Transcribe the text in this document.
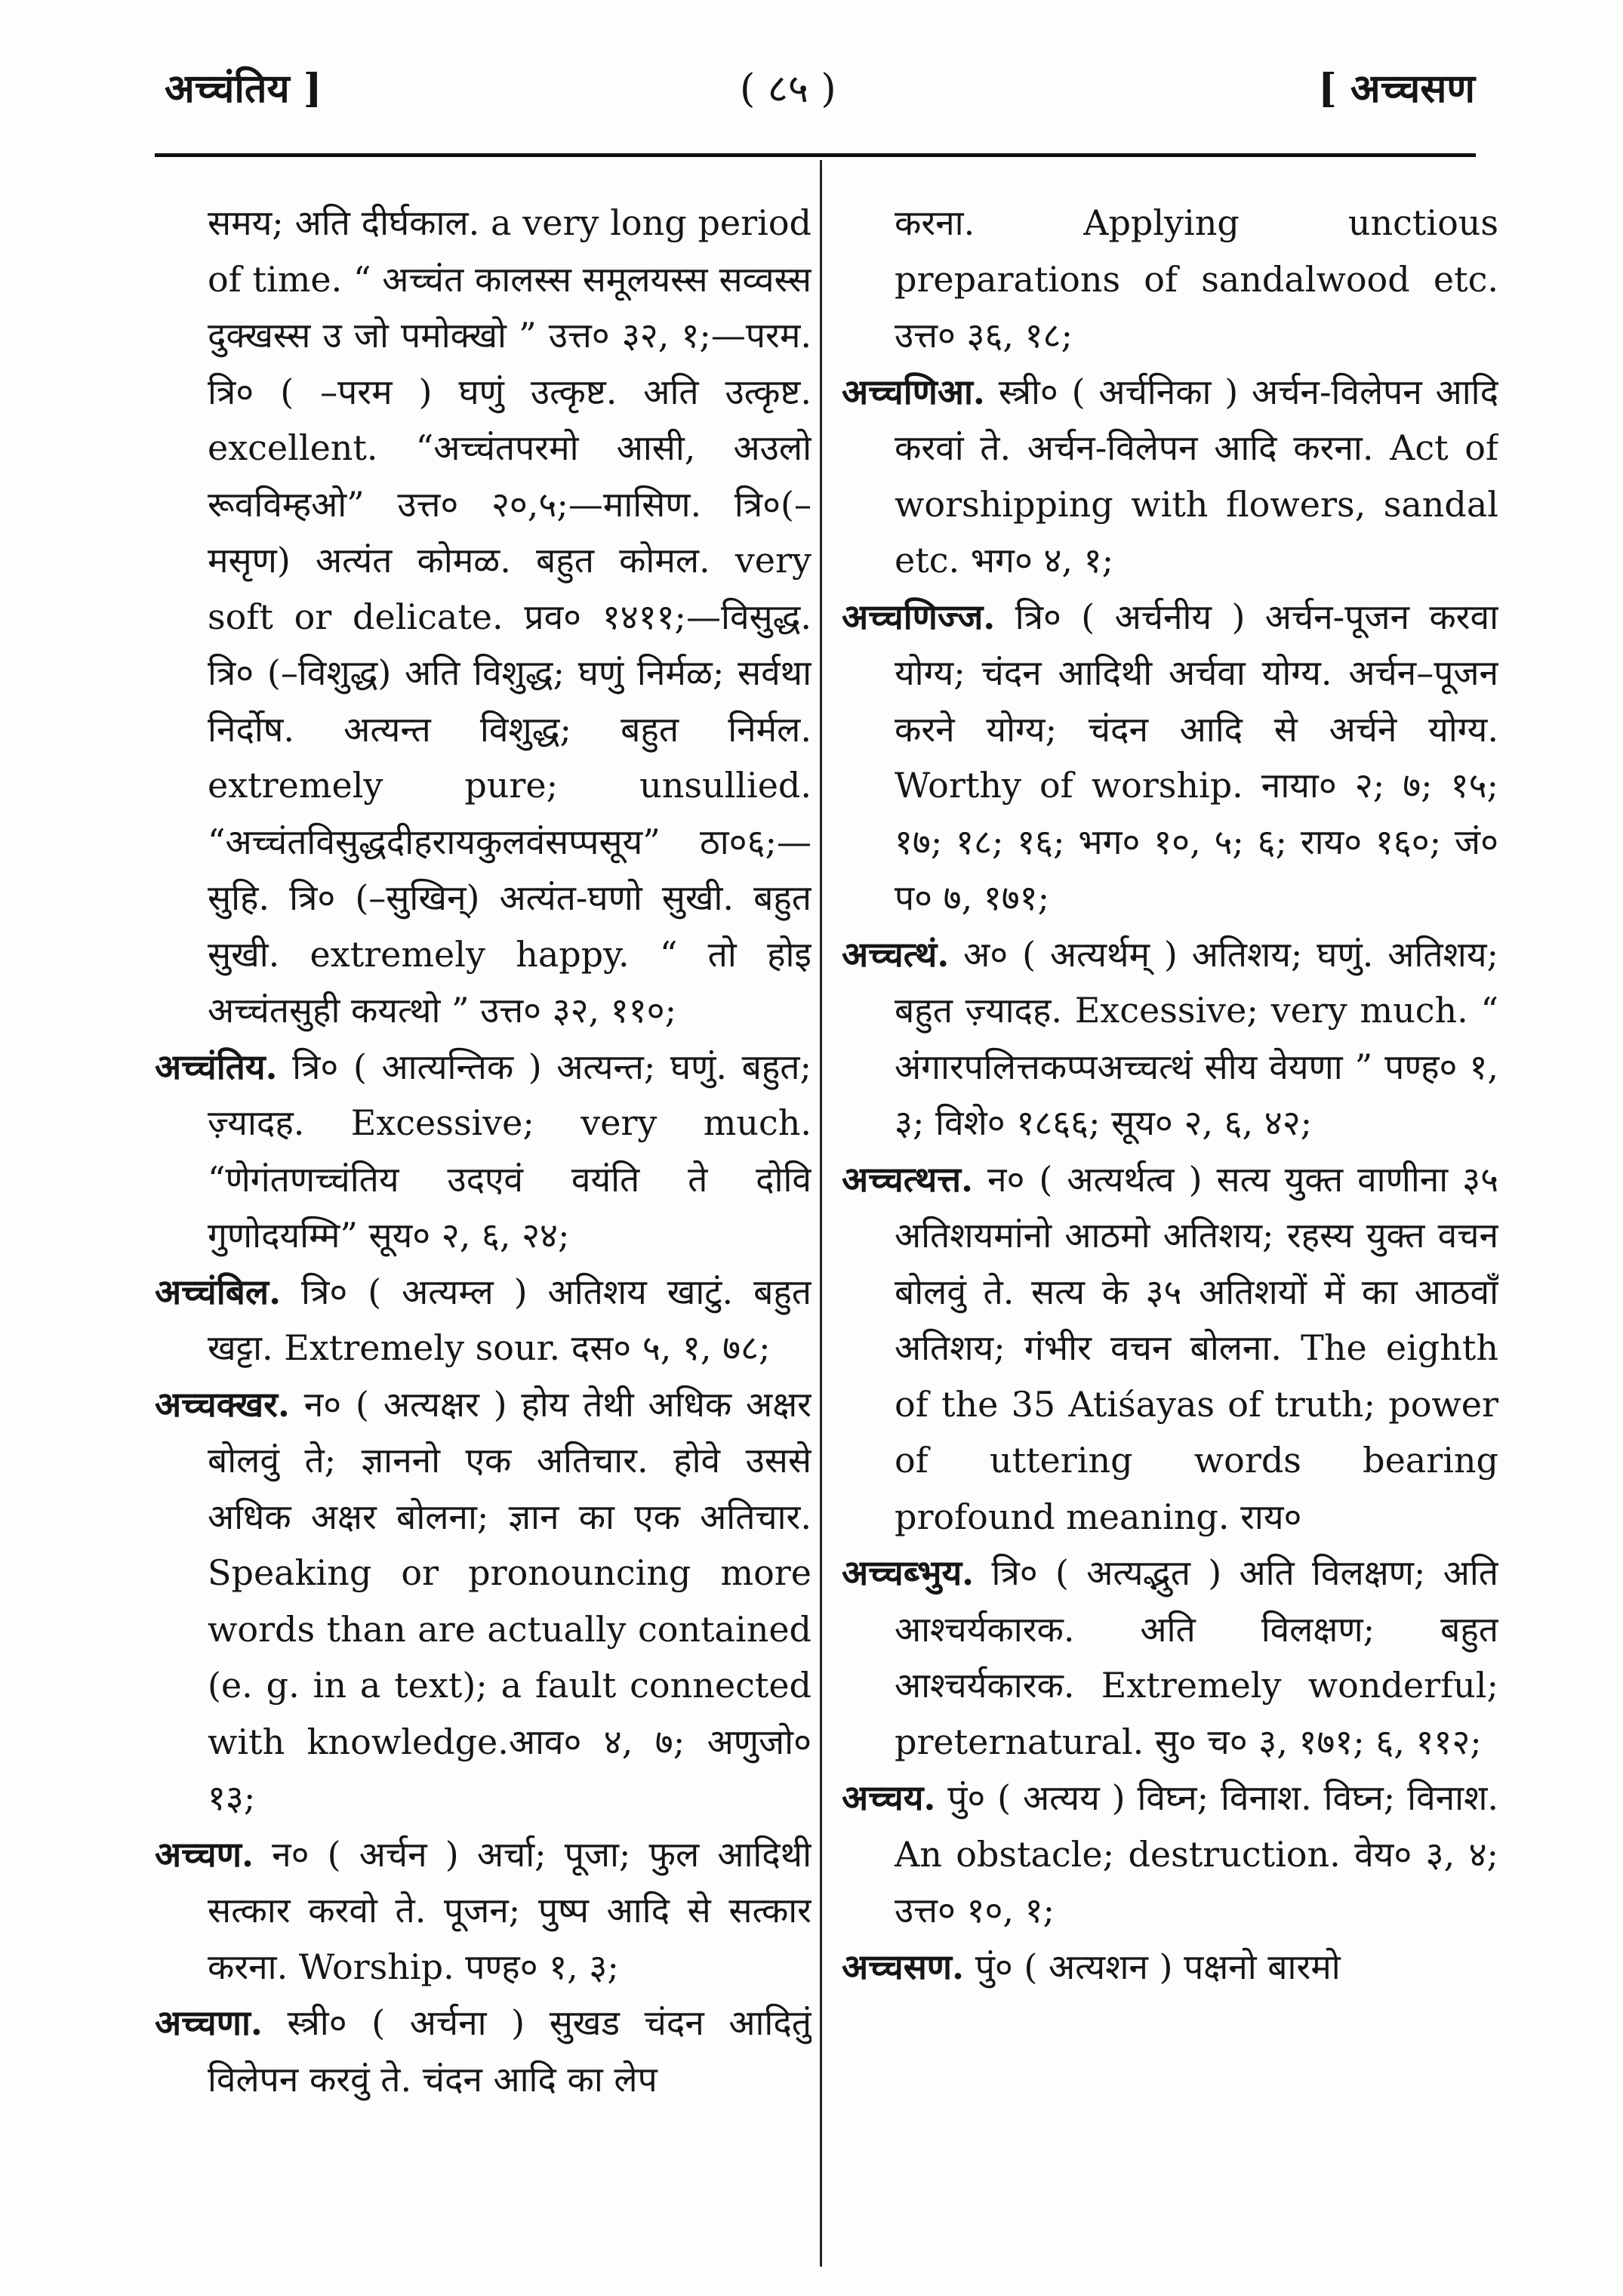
अच्चंतिय ]	( ८५ )	[ अच्चसण

समय; अति दीर्घकाल. a very long period of time. “ अच्चंत कालस्स समूलयस्स सव्वस्स दुक्खस्स उ जो पमोक्खो ” उत्त० ३२, १;—परम. त्रि० ( –परम ) घणुं उत्कृष्ट. अति उत्कृष्ट. excellent. “अच्चंतपरमो आसी, अउलो रूवविम्हओ” उत्त० २०,५;—मासिण. त्रि०(–मसृण) अत्यंत कोमळ. बहुत कोमल. very soft or delicate. प्रव० १४११;—विसुद्ध. त्रि० (–विशुद्ध) अति विशुद्ध; घणुं निर्मळ; सर्वथा निर्दोष. अत्यन्त विशुद्ध; बहुत निर्मल. extremely pure; unsullied. “अच्चंतविसुद्धदीहरायकुलवंसप्पसूय” ठा०६;—सुहि. त्रि० (–सुखिन्) अत्यंत-घणो सुखी. बहुत सुखी. extremely happy. “ तो होइ अच्चंतसुही कयत्थो ” उत्त० ३२, ११०;

अच्चंतिय. त्रि० ( आत्यन्तिक ) अत्यन्त; घणुं. बहुत; ज़्यादह. Excessive; very much. “णेगंतणच्चंतिय उदएवं वयंति ते दोवि गुणोदयम्मि” सूय० २, ६, २४;

अच्चंबिल. त्रि० ( अत्यम्ल ) अतिशय खाटुं. बहुत खट्टा. Extremely sour. दस० ५, १, ७८;

अच्चक्खर. न० ( अत्यक्षर ) होय तेथी अधिक अक्षर बोलवुं ते; ज्ञाननो एक अतिचार. होवे उससे अधिक अक्षर बोलना; ज्ञान का एक अतिचार. Speaking or pronouncing more words than are actually contained (e. g. in a text); a fault connected with knowledge.आव० ४, ७; अणुजो० १३;

अच्चण. न० ( अर्चन ) अर्चा; पूजा; फुल आदिथी सत्कार करवो ते. पूजन; पुष्प आदि से सत्कार करना. Worship. पण्ह० १, ३;

अच्चणा. स्त्री० ( अर्चना ) सुखड चंदन आदितुं विलेपन करवुं ते. चंदन आदि का लेप

करना. Applying unctious preparations of sandalwood etc. उत्त० ३६, १८;

अच्चणिआ. स्त्री० ( अर्चनिका ) अर्चन-विलेपन आदि करवां ते. अर्चन-विलेपन आदि करना. Act of worshipping with flowers, sandal etc. भग० ४, १;

अच्चणिज्ज. त्रि० ( अर्चनीय ) अर्चन-पूजन करवा योग्य; चंदन आदिथी अर्चवा योग्य. अर्चन–पूजन करने योग्य; चंदन आदि से अर्चने योग्य. Worthy of worship. नाया० २; ७; १५; १७; १८; १६; भग० १०, ५; ६; राय० १६०; जं० प० ७, १७१;

अच्चत्थं. अ० ( अत्यर्थम् ) अतिशय; घणुं. अतिशय; बहुत ज़्यादह. Excessive; very much. “ अंगारपलित्तकप्पअच्चत्थं सीय वेयणा ” पण्ह० १, ३; विशे० १८६६; सूय० २, ६, ४२;

अच्चत्थत्त. न० ( अत्यर्थत्व ) सत्य युक्त वाणीना ३५ अतिशयमांनो आठमो अतिशय; रहस्य युक्त वचन बोलवुं ते. सत्य के ३५ अतिशयों में का आठवाँ अतिशय; गंभीर वचन बोलना. The eighth of the 35 Atiśayas of truth; power of uttering words bearing profound meaning. राय०

अच्चब्भुय. त्रि० ( अत्यद्भुत ) अति विलक्षण; अति आश्चर्यकारक. अति विलक्षण; बहुत आश्चर्यकारक. Extremely wonderful; preternatural. सु० च० ३, १७१; ६, ११२;

अच्चय. पुं० ( अत्यय ) विघ्न; विनाश. विघ्न; विनाश. An obstacle; destruction. वेय० ३, ४; उत्त० १०, १;

अच्चसण. पुं० ( अत्यशन ) पक्षनो बारमो
